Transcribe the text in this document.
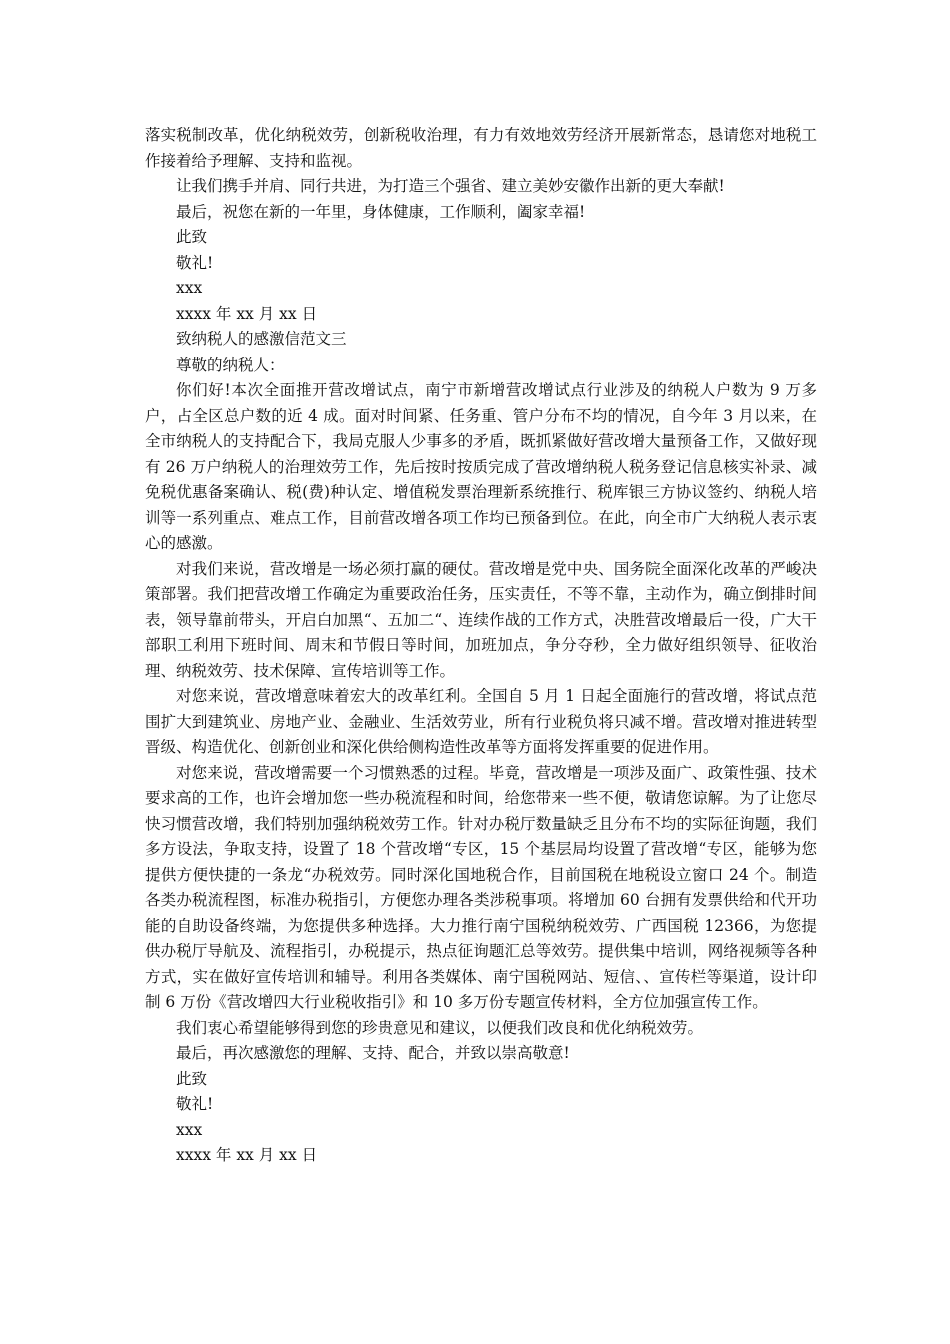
落实税制改革，优化纳税效劳，创新税收治理，有力有效地效劳经济开展新常态，恳请您对地税工作接着给予理解、支持和监视。

让我们携手并肩、同行共进，为打造三个强省、建立美妙安徽作出新的更大奉献!

最后，祝您在新的一年里，身体健康，工作顺利，阖家幸福!

此致

敬礼!

xxx

xxxx 年 xx 月 xx 日

致纳税人的感激信范文三

尊敬的纳税人：

你们好!本次全面推开营改增试点，南宁市新增营改增试点行业涉及的纳税人户数为 9 万多户，占全区总户数的近 4 成。面对时间紧、任务重、管户分布不均的情况，自今年 3 月以来，在全市纳税人的支持配合下，我局克服人少事多的矛盾，既抓紧做好营改增大量预备工作，又做好现有 26 万户纳税人的治理效劳工作，先后按时按质完成了营改增纳税人税务登记信息核实补录、减免税优惠备案确认、税(费)种认定、增值税发票治理新系统推行、税库银三方协议签约、纳税人培训等一系列重点、难点工作，目前营改增各项工作均已预备到位。在此，向全市广大纳税人表示衷心的感激。

对我们来说，营改增是一场必须打赢的硬仗。营改增是党中央、国务院全面深化改革的严峻决策部署。我们把营改增工作确定为重要政治任务，压实责任，不等不靠，主动作为，确立倒排时间表，领导靠前带头，开启白加黑“、五加二“、连续作战的工作方式，决胜营改增最后一役，广大干部职工利用下班时间、周末和节假日等时间，加班加点，争分夺秒，全力做好组织领导、征收治理、纳税效劳、技术保障、宣传培训等工作。

对您来说，营改增意味着宏大的改革红利。全国自 5 月 1 日起全面施行的营改增，将试点范围扩大到建筑业、房地产业、金融业、生活效劳业，所有行业税负将只减不增。营改增对推进转型晋级、构造优化、创新创业和深化供给侧构造性改革等方面将发挥重要的促进作用。

对您来说，营改增需要一个习惯熟悉的过程。毕竟，营改增是一项涉及面广、政策性强、技术要求高的工作，也许会增加您一些办税流程和时间，给您带来一些不便，敬请您谅解。为了让您尽快习惯营改增，我们特别加强纳税效劳工作。针对办税厅数量缺乏且分布不均的实际征询题，我们多方设法，争取支持，设置了 18 个营改增“专区，15 个基层局均设置了营改增“专区，能够为您提供方便快捷的一条龙“办税效劳。同时深化国地税合作，目前国税在地税设立窗口 24 个。制造各类办税流程图，标准办税指引，方便您办理各类涉税事项。将增加 60 台拥有发票供给和代开功能的自助设备终端，为您提供多种选择。大力推行南宁国税纳税效劳、广西国税 12366，为您提供办税厅导航及、流程指引，办税提示，热点征询题汇总等效劳。提供集中培训，网络视频等各种方式，实在做好宣传培训和辅导。利用各类媒体、南宁国税网站、短信、、宣传栏等渠道，设计印制 6 万份《营改增四大行业税收指引》和 10 多万份专题宣传材料，全方位加强宣传工作。

我们衷心希望能够得到您的珍贵意见和建议，以便我们改良和优化纳税效劳。

最后，再次感激您的理解、支持、配合，并致以崇高敬意!

此致

敬礼!

xxx

xxxx 年 xx 月 xx 日
